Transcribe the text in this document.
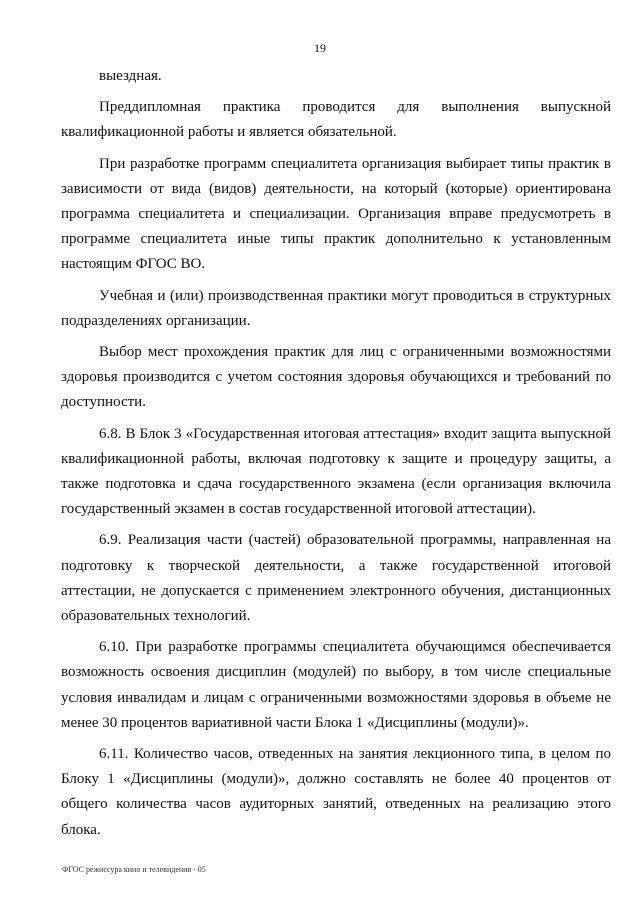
19

выездная.

Преддипломная практика проводится для выполнения выпускной квалификационной работы и является обязательной.

При разработке программ специалитета организация выбирает типы практик в зависимости от вида (видов) деятельности, на который (которые) ориентирована программа специалитета и специализации. Организация вправе предусмотреть в программе специалитета иные типы практик дополнительно к установленным настоящим ФГОС ВО.

Учебная и (или) производственная практики могут проводиться в структурных подразделениях организации.

Выбор мест прохождения практик для лиц с ограниченными возможностями здоровья производится с учетом состояния здоровья обучающихся и требований по доступности.

6.8. В Блок 3 «Государственная итоговая аттестация» входит защита выпускной квалификационной работы, включая подготовку к защите и процедуру защиты, а также подготовка и сдача государственного экзамена (если организация включила государственный экзамен в состав государственной итоговой аттестации).

6.9. Реализация части (частей) образовательной программы, направленная на подготовку к творческой деятельности, а также государственной итоговой аттестации, не допускается с применением электронного обучения, дистанционных образовательных технологий.

6.10. При разработке программы специалитета обучающимся обеспечивается возможность освоения дисциплин (модулей) по выбору, в том числе специальные условия инвалидам и лицам с ограниченными возможностями здоровья в объеме не менее 30 процентов вариативной части Блока 1 «Дисциплины (модули)».

6.11. Количество часов, отведенных на занятия лекционного типа, в целом по Блоку 1 «Дисциплины (модули)», должно составлять не более 40 процентов от общего количества часов аудиторных занятий, отведенных на реализацию этого блока.

ФГОС режиссура кино и телевидения - 05
